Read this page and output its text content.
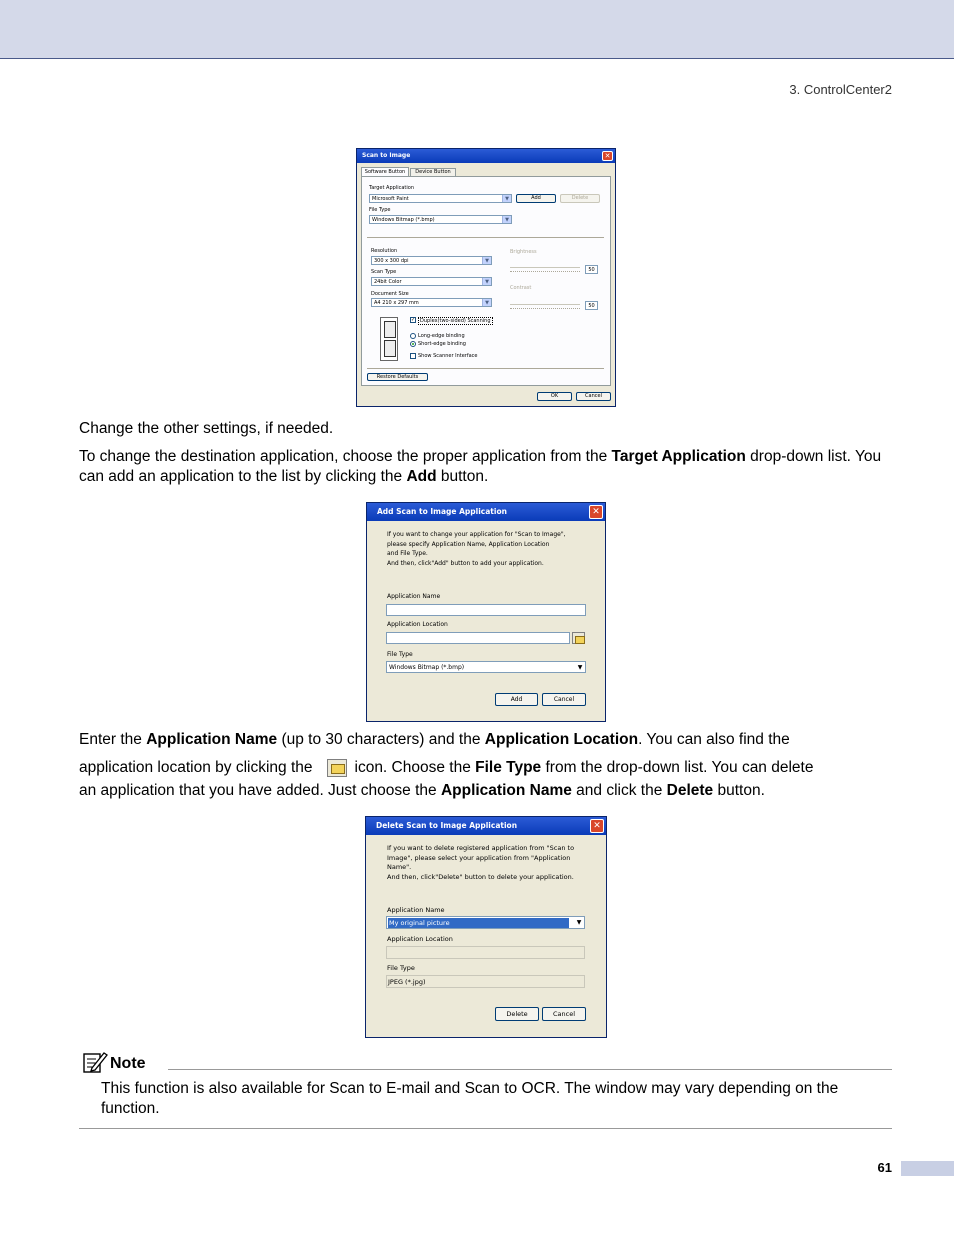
3. ControlCenter2
Scan to Image	✕
Software Button	Device Button
Target Application
Microsoft Paint	▼	Add	Delete
File Type
Windows Bitmap (*.bmp)	▼
Resolution
300 x 300 dpi	▼
Scan Type
24bit Color	▼
Document Size
A4 210 x 297 mm	▼
Brightness
50
Contrast
50
✓ Duplex(two-sided) Scanning
Long-edge binding
Short-edge binding
Show Scanner Interface
Restore Defaults
OK	Cancel
Change the other settings, if needed.
To change the destination application, choose the proper application from the Target Application drop-down list. You can add an application to the list by clicking the Add button.
Add Scan to Image Application	✕
If you want to change your application for "Scan to Image",
please specify Application Name, Application Location
and File Type.
And then, click"Add" button to add your application.
Application Name
Application Location
File Type
Windows Bitmap (*.bmp)	▼
Add	Cancel
Enter the Application Name (up to 30 characters) and the Application Location. You can also find the
application location by clicking the	icon. Choose the File Type from the drop-down list. You can delete
an application that you have added. Just choose the Application Name and click the Delete button.
Delete Scan to Image Application	✕
If you want to delete registered application from "Scan to
Image", please select your application from "Application
Name".
And then, click"Delete" button to delete your application.
Application Name
My original picture	▼
Application Location
File Type
JPEG (*.jpg)
Delete	Cancel
Note
This function is also available for Scan to E-mail and Scan to OCR. The window may vary depending on the function.
61
